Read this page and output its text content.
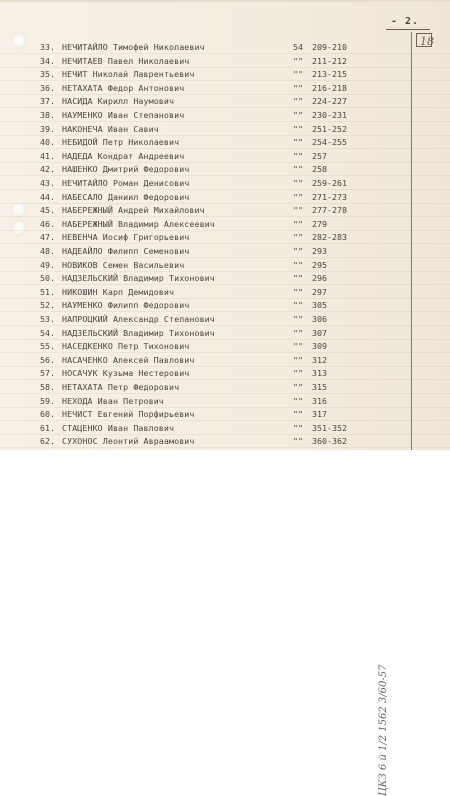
- 2.
18
ЦКЗ 6 й 1/2 1562 3/60-57
33. НЕЧИТАЙЛО Тимофей Николаевич	54	209-210
34. НЕЧИТАЕВ Павел Николаевич	""	211-212
35. НЕЧИТ Николай Лаврентьевич	""	213-215
36. НЕТАХАТА Федор Антонович	""	216-218
37. НАСИДА Кирилл Наумович	""	224-227
38. НАУМЕНКО Иван Степанович	""	230-231
39. НАКОНЕЧА Иван Савич	""	251-252
40. НЕБИДОЙ Петр Николаевич	""	254-255
41. НАДЕДА Кондрат Андреевич	""	257
42. НАШЕНКО Дмитрий Федорович	""	258
43. НЕЧИТАЙЛО Роман Денисович	""	259-261
44. НАБЕСАЛО Даниил Федорович	""	271-273
45. НАБЕРЕЖНЫЙ Андрей Михайлович	""	277-278
46. НАБЕРЕЖНЫЙ Владимир Алексеевич	""	279
47. НЕВЕНЧА Иосиф Григорьевич	""	282-283
48. НАДЕАЙЛО Филипп Семенович	""	293
49. НОВИКОВ Семен Васильевич	""	295
50. НАДЗЕЛЬСКИЙ Владимир Тихонович	""	296
51. НИКОШИН Карп Демидович	""	297
52. НАУМЕНКО Филипп Федорович	""	305
53. НАПРОЦКИЙ Александр Степанович	""	306
54. НАДЗЕЛЬСКИЙ Владимир Тихонович	""	307
55. НАСЕДКЕНКО Петр Тихонович	""	309
56. НАСАЧЕНКО Алексей Павлович	""	312
57. НОСАЧУК Кузьма Нестерович	""	313
58. НЕТАХАТА Петр Федорович	""	315
59. НЕХОДА Иван Петрович	""	316
60. НЕЧИСТ Евгений Порфирьевич	""	317
61. СТАЦЕНКО Иван Павлович	""	351-352
62. СУХОНОС Леонтий Авраамович	""	360-362
